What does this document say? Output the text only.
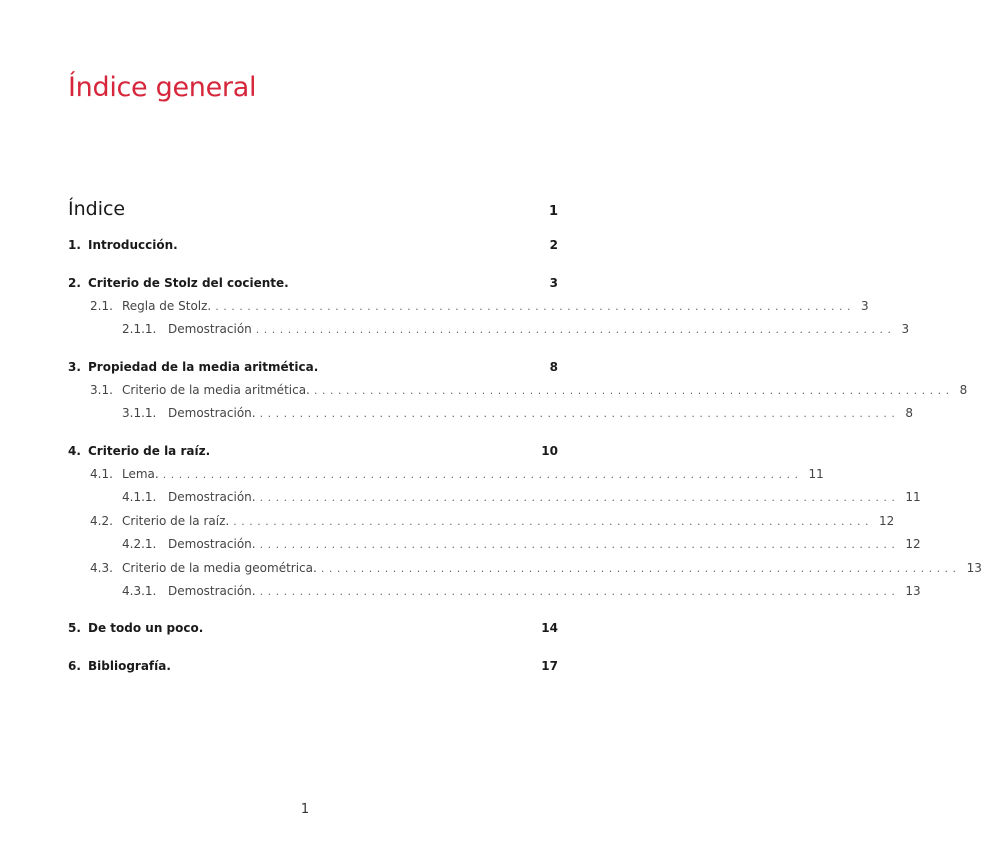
Índice general
Índice	1
1. Introducción.	2
2. Criterio de Stolz del cociente.	3
2.1. Regla de Stolz. ................................................................................ 3
2.1.1. Demostración ................................................................................ 3
3. Propiedad de la media aritmética.	8
3.1. Criterio de la media aritmética. ................................................................................ 8
3.1.1. Demostración. ................................................................................ 8
4. Criterio de la raíz.	10
4.1. Lema. ................................................................................ 11
4.1.1. Demostración. ................................................................................ 11
4.2. Criterio de la raíz. ................................................................................ 12
4.2.1. Demostración. ................................................................................ 12
4.3. Criterio de la media geométrica. ................................................................................ 13
4.3.1. Demostración. ................................................................................ 13
5. De todo un poco.	14
6. Bibliografía.	17
1
